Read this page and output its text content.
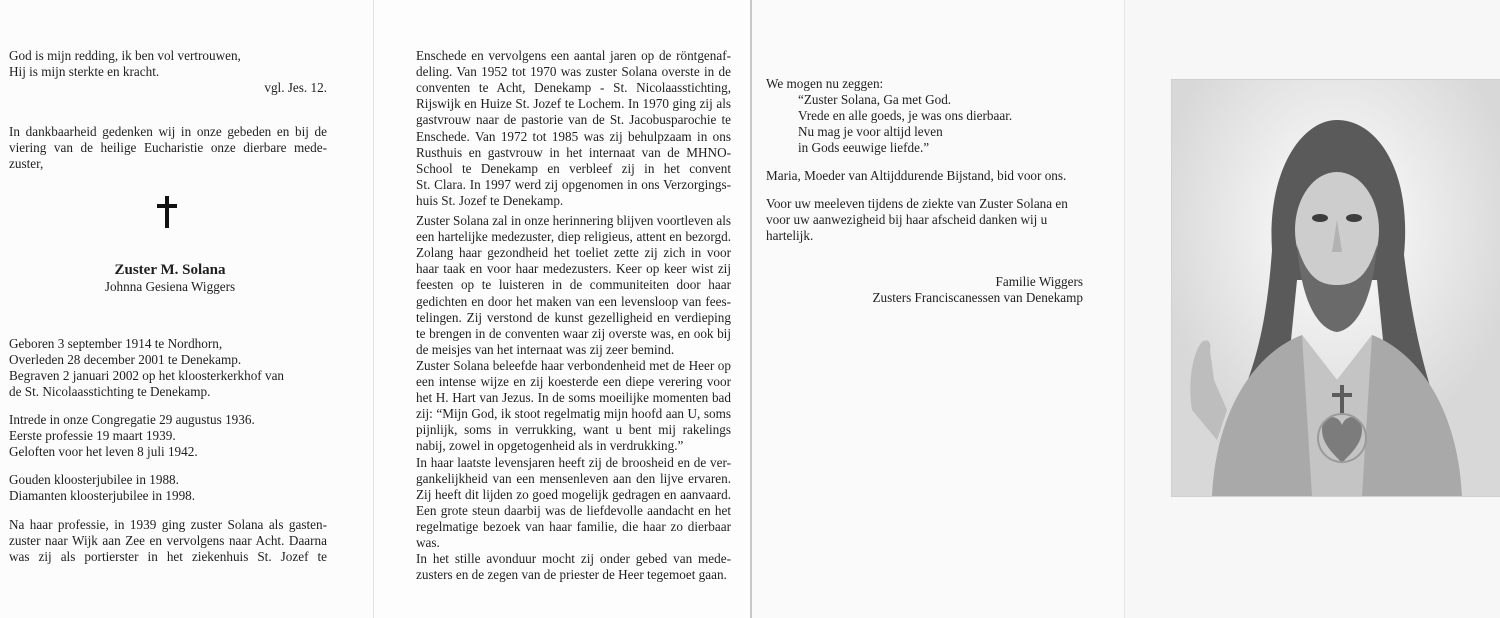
God is mijn redding, ik ben vol vertrouwen,
Hij is mijn sterkte en kracht.
vgl. Jes. 12.
In dankbaarheid gedenken wij in onze gebeden en bij de
viering van de heilige Eucharistie onze dierbare mede-
zuster,
Zuster M. Solana
Johnna Gesiena Wiggers
Geboren 3 september 1914 te Nordhorn,
Overleden 28 december 2001 te Denekamp.
Begraven 2 januari 2002 op het kloosterkerkhof van
de St. Nicolaasstichting te Denekamp.
Intrede in onze Congregatie 29 augustus 1936.
Eerste professie 19 maart 1939.
Geloften voor het leven 8 juli 1942.
Gouden kloosterjubilee in 1988.
Diamanten kloosterjubilee in 1998.
Na haar professie, in 1939 ging zuster Solana als gasten-
zuster naar Wijk aan Zee en vervolgens naar Acht. Daarna
was zij als portierster in het ziekenhuis St. Jozef te
Enschede en vervolgens een aantal jaren op de röntgenaf-
deling. Van 1952 tot 1970 was zuster Solana overste in de
conventen te Acht, Denekamp - St. Nicolaasstichting,
Rijswijk en Huize St. Jozef te Lochem. In 1970 ging zij als
gastvrouw naar de pastorie van de St. Jacobusparochie te
Enschede. Van 1972 tot 1985 was zij behulpzaam in ons
Rusthuis en gastvrouw in het internaat van de MHNO-
School te Denekamp en verbleef zij in het convent
St. Clara. In 1997 werd zij opgenomen in ons Verzorgings-
huis St. Jozef te Denekamp.
Zuster Solana zal in onze herinnering blijven voortleven als
een hartelijke medezuster, diep religieus, attent en bezorgd.
Zolang haar gezondheid het toeliet zette zij zich in voor
haar taak en voor haar medezusters. Keer op keer wist zij
feesten op te luisteren in de communiteiten door haar
gedichten en door het maken van een levensloop van fees-
telingen. Zij verstond de kunst gezelligheid en verdieping
te brengen in de conventen waar zij overste was, en ook bij
de meisjes van het internaat was zij zeer bemind.
Zuster Solana beleefde haar verbondenheid met de Heer op
een intense wijze en zij koesterde een diepe verering voor
het H. Hart van Jezus. In de soms moeilijke momenten bad
zij: “Mijn God, ik stoot regelmatig mijn hoofd aan U, soms
pijnlijk, soms in verrukking, want u bent mij rakelings
nabij, zowel in opgetogenheid als in verdrukking.”
In haar laatste levensjaren heeft zij de broosheid en de ver-
gankelijkheid van een mensenleven aan den lijve ervaren.
Zij heeft dit lijden zo goed mogelijk gedragen en aanvaard.
Een grote steun daarbij was de liefdevolle aandacht en het
regelmatige bezoek van haar familie, die haar zo dierbaar
was.
In het stille avonduur mocht zij onder gebed van mede-
zusters en de zegen van de priester de Heer tegemoet gaan.
We mogen nu zeggen:
“Zuster Solana, Ga met God.
Vrede en alle goeds, je was ons dierbaar.
Nu mag je voor altijd leven
in Gods eeuwige liefde.”
Maria, Moeder van Altijddurende Bijstand, bid voor ons.
Voor uw meeleven tijdens de ziekte van Zuster Solana en
voor uw aanwezigheid bij haar afscheid danken wij u
hartelijk.
Familie Wiggers
Zusters Franciscanessen van Denekamp
